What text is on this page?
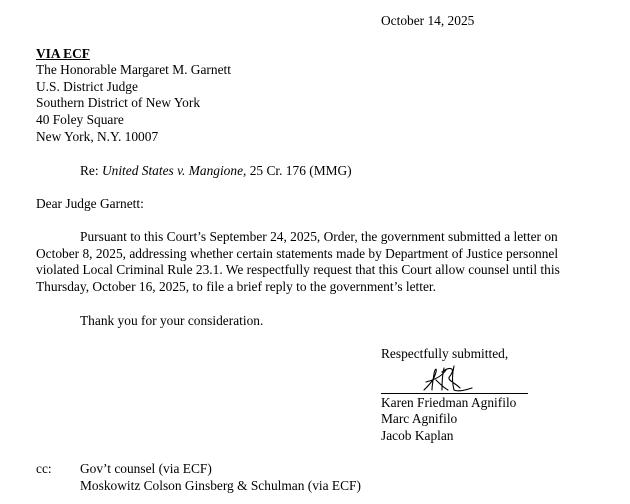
October 14, 2025
VIA ECF
The Honorable Margaret M. Garnett
U.S. District Judge
Southern District of New York
40 Foley Square
New York, N.Y. 10007
Re: United States v. Mangione, 25 Cr. 176 (MMG)
Dear Judge Garnett:
Pursuant to this Court’s September 24, 2025, Order, the government submitted a letter on
October 8, 2025, addressing whether certain statements made by Department of Justice personnel
violated Local Criminal Rule 23.1. We respectfully request that this Court allow counsel until this
Thursday, October 16, 2025, to file a brief reply to the government’s letter.
Thank you for your consideration.
Respectfully submitted,
Karen Friedman Agnifilo
Marc Agnifilo
Jacob Kaplan
cc: Gov’t counsel (via ECF)
Moskowitz Colson Ginsberg & Schulman (via ECF)
